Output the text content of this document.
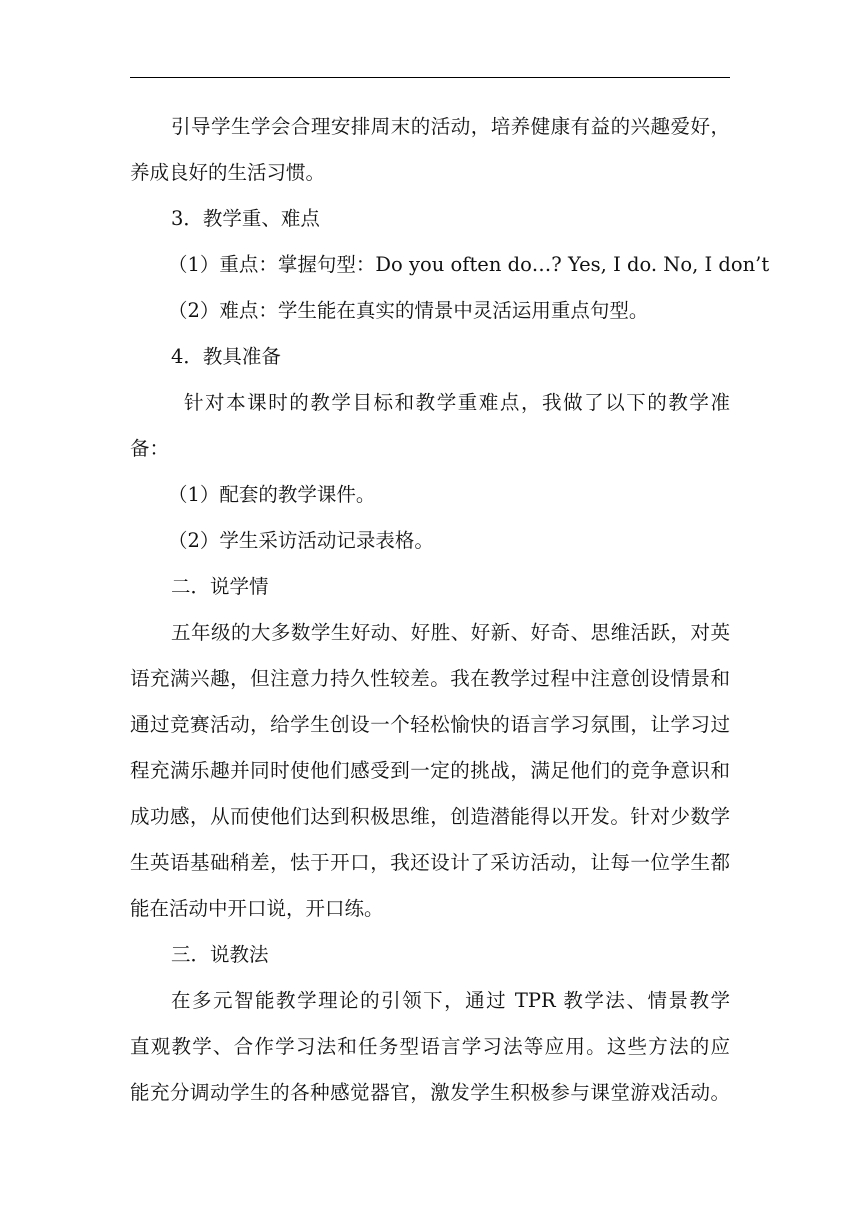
引导学生学会合理安排周末的活动，培养健康有益的兴趣爱好，
养成良好的生活习惯。
3．教学重、难点
（1）重点：掌握句型：Do you often do…? Yes, I do. No, I don’t
（2）难点：学生能在真实的情景中灵活运用重点句型。
4．教具准备
针对本课时的教学目标和教学重难点，我做了以下的教学准
备：
（1）配套的教学课件。
（2）学生采访活动记录表格。
二．说学情
五年级的大多数学生好动、好胜、好新、好奇、思维活跃，对英
语充满兴趣，但注意力持久性较差。我在教学过程中注意创设情景和
通过竞赛活动，给学生创设一个轻松愉快的语言学习氛围，让学习过
程充满乐趣并同时使他们感受到一定的挑战，满足他们的竞争意识和
成功感，从而使他们达到积极思维，创造潜能得以开发。针对少数学
生英语基础稍差，怯于开口，我还设计了采访活动，让每一位学生都
能在活动中开口说，开口练。
三．说教法
在多元智能教学理论的引领下，通过 TPR 教学法、情景教学
直观教学、合作学习法和任务型语言学习法等应用。这些方法的应
能充分调动学生的各种感觉器官，激发学生积极参与课堂游戏活动。
